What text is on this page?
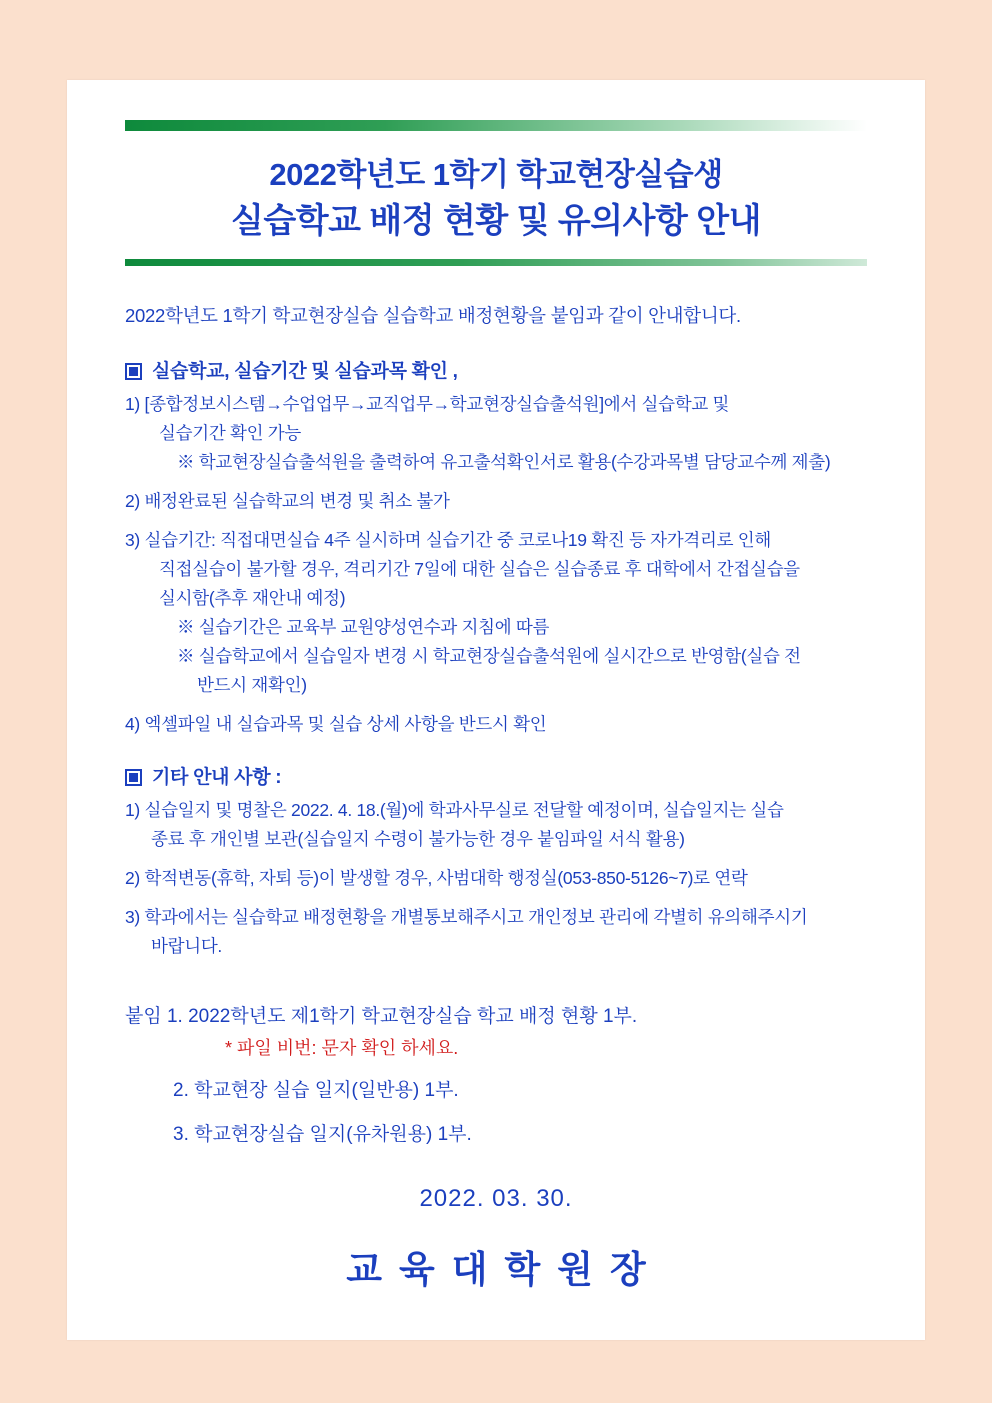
2022학년도 1학기 학교현장실습생
실습학교 배정 현황 및 유의사항 안내
2022학년도 1학기 학교현장실습 실습학교 배정현황을 붙임과 같이 안내합니다.
실습학교, 실습기간 및 실습과목 확인 ,
1) [종합정보시스템→수업업무→교직업무→학교현장실습출석원]에서 실습학교 및
실습기간 확인 가능
※ 학교현장실습출석원을 출력하여 유고출석확인서로 활용(수강과목별 담당교수께 제출)
2) 배정완료된 실습학교의 변경 및 취소 불가
3) 실습기간: 직접대면실습 4주 실시하며 실습기간 중 코로나19 확진 등 자가격리로 인해
직접실습이 불가할 경우, 격리기간 7일에 대한 실습은 실습종료 후 대학에서 간접실습을
실시함(추후 재안내 예정)
※ 실습기간은 교육부 교원양성연수과 지침에 따름
※ 실습학교에서 실습일자 변경 시 학교현장실습출석원에 실시간으로 반영함(실습 전
반드시 재확인)
4) 엑셀파일 내 실습과목 및 실습 상세 사항을 반드시 확인
기타 안내 사항 :
1) 실습일지 및 명찰은 2022. 4. 18.(월)에 학과사무실로 전달할 예정이며, 실습일지는 실습
종료 후 개인별 보관(실습일지 수령이 불가능한 경우 붙임파일 서식 활용)
2) 학적변동(휴학, 자퇴 등)이 발생할 경우, 사범대학 행정실(053-850-5126~7)로 연락
3) 학과에서는 실습학교 배정현황을 개별통보해주시고 개인정보 관리에 각별히 유의해주시기
바랍니다.
붙임 1. 2022학년도 제1학기 학교현장실습 학교 배정 현황 1부.
* 파일 비번: 문자 확인 하세요.
2. 학교현장 실습 일지(일반용) 1부.
3. 학교현장실습 일지(유차원용) 1부.
2022. 03. 30.
교육대학원장
